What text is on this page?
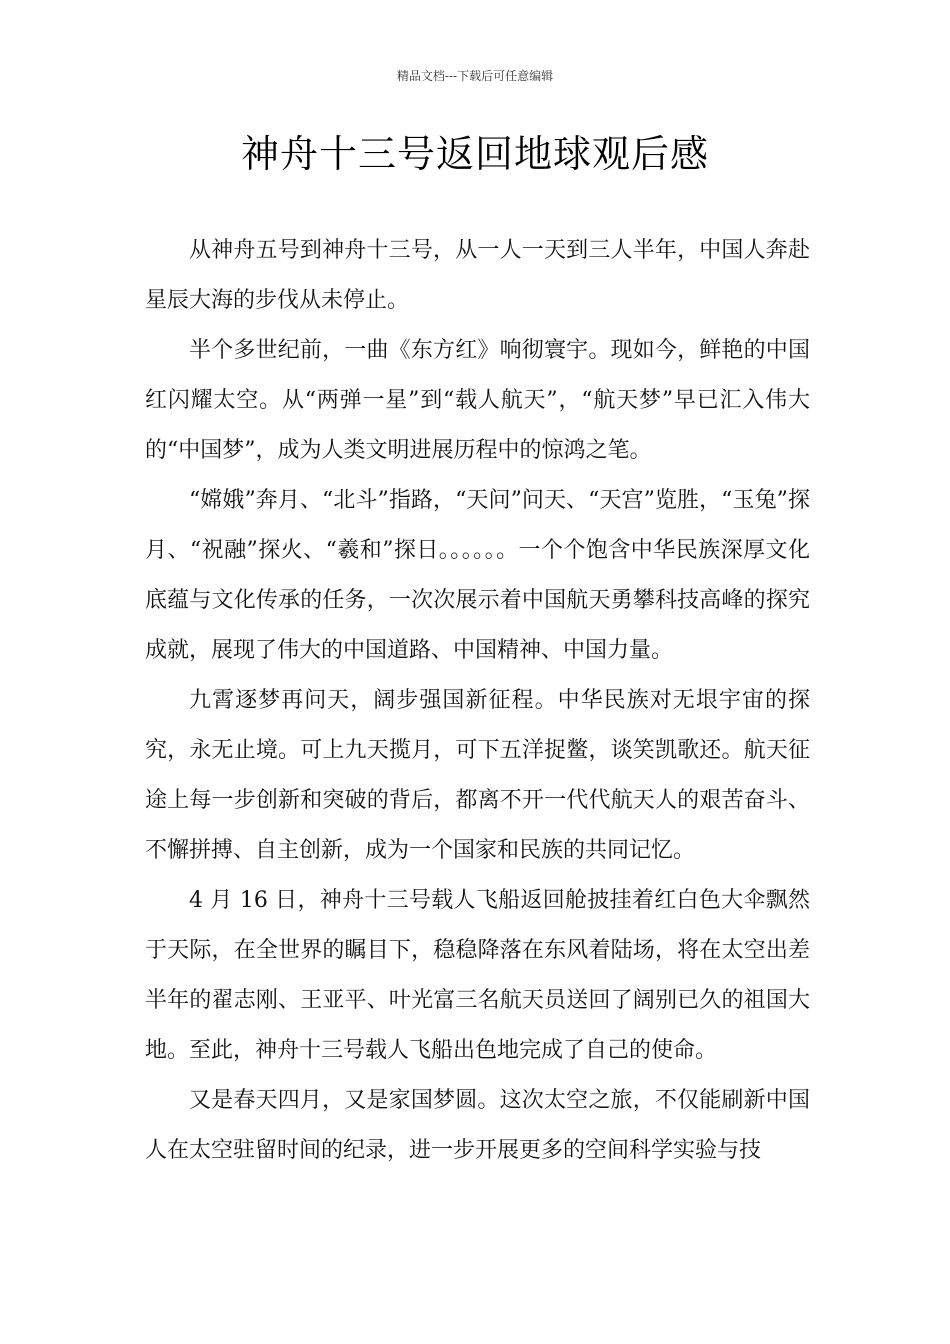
精品文档---下载后可任意编辑
神舟十三号返回地球观后感

从神舟五号到神舟十三号，从一人一天到三人半年，中国人奔赴星辰大海的步伐从未停止。

半个多世纪前，一曲《东方红》响彻寰宇。现如今，鲜艳的中国红闪耀太空。从“两弹一星”到“载人航天”，“航天梦”早已汇入伟大的“中国梦”，成为人类文明进展历程中的惊鸿之笔。

“嫦娥”奔月、“北斗”指路，“天问”问天、“天宫”览胜，“玉兔”探月、“祝融”探火、“羲和”探日。。。。。。一个个饱含中华民族深厚文化底蕴与文化传承的任务，一次次展示着中国航天勇攀科技高峰的探究成就，展现了伟大的中国道路、中国精神、中国力量。

九霄逐梦再问天，阔步强国新征程。中华民族对无垠宇宙的探究，永无止境。可上九天揽月，可下五洋捉鳖，谈笑凯歌还。航天征途上每一步创新和突破的背后，都离不开一代代航天人的艰苦奋斗、不懈拼搏、自主创新，成为一个国家和民族的共同记忆。

4 月 16 日，神舟十三号载人飞船返回舱披挂着红白色大伞飘然于天际，在全世界的瞩目下，稳稳降落在东风着陆场，将在太空出差半年的翟志刚、王亚平、叶光富三名航天员送回了阔别已久的祖国大地。至此，神舟十三号载人飞船出色地完成了自己的使命。

又是春天四月，又是家国梦圆。这次太空之旅，不仅能刷新中国人在太空驻留时间的纪录，进一步开展更多的空间科学实验与技
